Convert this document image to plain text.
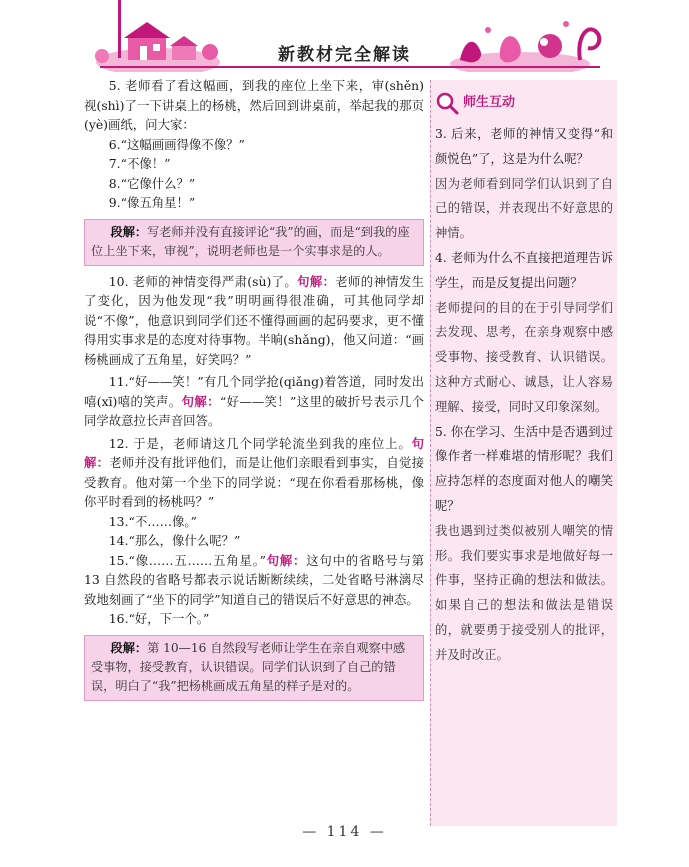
新教材完全解读

5. 老师看了看这幅画，到我的座位上坐下来，审(shěn)视(shì)了一下讲桌上的杨桃，然后回到讲桌前，举起我的那页(yè)画纸，问大家：

6.“这幅画画得像不像？”

7.“不像！”

8.“它像什么？”

9.“像五角星！”

段解：写老师并没有直接评论“我”的画，而是“到我的座位上坐下来，审视”，说明老师也是一个实事求是的人。

10. 老师的神情变得严肃(sù)了。句解：老师的神情发生了变化，因为他发现“我”明明画得很准确，可其他同学却说“不像”，他意识到同学们还不懂得画画的起码要求，更不懂得用实事求是的态度对待事物。半晌(shǎng)，他又问道：“画杨桃画成了五角星，好笑吗？”

11.“好——笑！”有几个同学抢(qiǎng)着答道，同时发出嘻(xī)嘻的笑声。句解：“好——笑！”这里的破折号表示几个同学故意拉长声音回答。

12. 于是，老师请这几个同学轮流坐到我的座位上。句解：老师并没有批评他们，而是让他们亲眼看到事实，自觉接受教育。他对第一个坐下的同学说：“现在你看看那杨桃，像你平时看到的杨桃吗？”

13.“不……像。”

14.“那么，像什么呢？”

15.“像……五……五角星。”句解：这句中的省略号与第 13 自然段的省略号都表示说话断断续续，二处省略号淋漓尽致地刻画了“坐下的同学”知道自己的错误后不好意思的神态。

16.“好，下一个。”

段解：第 10—16 自然段写老师让学生在亲自观察中感受事物，接受教育，认识错误。同学们认识到了自己的错误，明白了“我”把杨桃画成五角星的样子是对的。
师生互动

3. 后来，老师的神情又变得“和颜悦色”了，这是为什么呢？

因为老师看到同学们认识到了自己的错误，并表现出不好意思的神情。

4. 老师为什么不直接把道理告诉学生，而是反复提出问题？

老师提问的目的在于引导同学们去发现、思考，在亲身观察中感受事物、接受教育、认识错误。这种方式耐心、诚恳，让人容易理解、接受，同时又印象深刻。

5. 你在学习、生活中是否遇到过像作者一样难堪的情形呢？我们应持怎样的态度面对他人的嘲笑呢？

我也遇到过类似被别人嘲笑的情形。我们要实事求是地做好每一件事，坚持正确的想法和做法。如果自己的想法和做法是错误的，就要勇于接受别人的批评，并及时改正。

— 114 —
